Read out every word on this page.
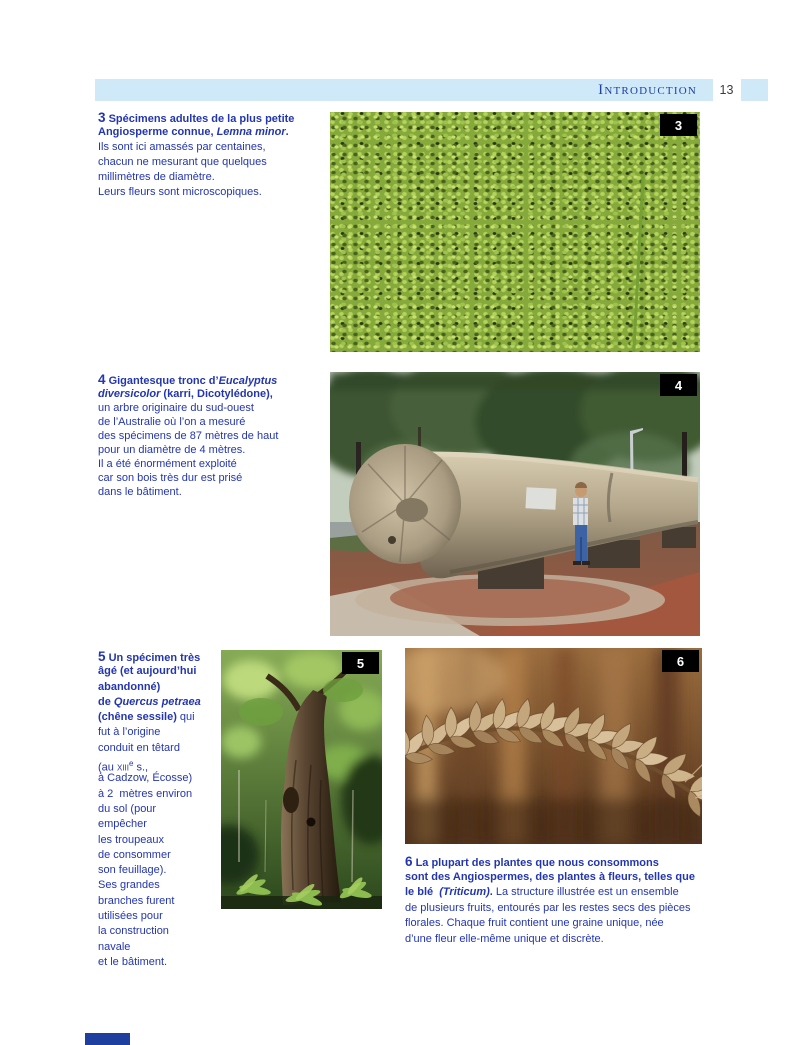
Introduction	13
3 Spécimens adultes de la plus petite
Angiosperme connue, Lemna minor.
Ils sont ici amassés par centaines,
chacun ne mesurant que quelques
millimètres de diamètre.
Leurs fleurs sont microscopiques.
3
4 Gigantesque tronc d’Eucalyptus
diversicolor (karri, Dicotylédone),
un arbre originaire du sud-ouest
de l’Australie où l’on a mesuré
des spécimens de 87 mètres de haut
pour un diamètre de 4 mètres.
Il a été énormément exploité
car son bois très dur est prisé
dans le bâtiment.
4
5 Un spécimen très
âgé (et aujourd’hui
abandonné)
de Quercus petraea
(chêne sessile) qui
fut à l’origine
conduit en têtard
(au xiii$^e$ s.,
à Cadzow, Écosse)
à 2  mètres environ
du sol (pour
empêcher
les troupeaux
de consommer
son feuillage).
Ses grandes
branches furent
utilisées pour
la construction
navale
et le bâtiment.
5	6
6 La plupart des plantes que nous consommons
sont des Angiospermes, des plantes à fleurs, telles que
le blé  (Triticum). La structure illustrée est un ensemble
de plusieurs fruits, entourés par les restes secs des pièces
florales. Chaque fruit contient une graine unique, née
d’une fleur elle-même unique et discrète.
